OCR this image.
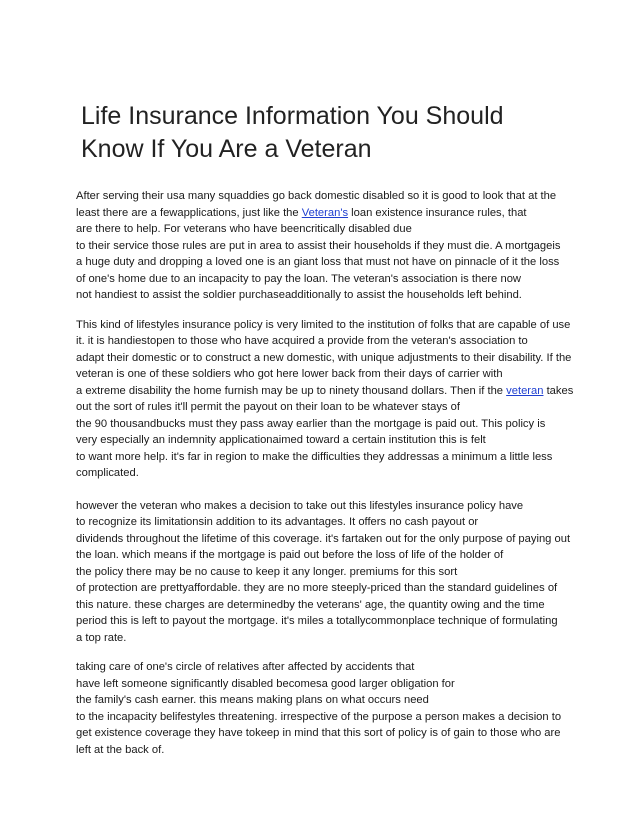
Life Insurance Information You Should
Know If You Are a Veteran

After serving their usa many squaddies go back domestic disabled so it is good to look that at the
least there are a fewapplications, just like the Veteran's loan existence insurance rules, that
are there to help. For veterans who have beencritically disabled due
to their service those rules are put in area to assist their households if they must die. A mortgageis
a huge duty and dropping a loved one is an giant loss that must not have on pinnacle of it the loss
of one's home due to an incapacity to pay the loan. The veteran's association is there now
not handiest to assist the soldier purchaseadditionally to assist the households left behind.

This kind of lifestyles insurance policy is very limited to the institution of folks that are capable of use
it. it is handiestopen to those who have acquired a provide from the veteran's association to
adapt their domestic or to construct a new domestic, with unique adjustments to their disability. If the
veteran is one of these soldiers who got here lower back from their days of carrier with
a extreme disability the home furnish may be up to ninety thousand dollars. Then if the veteran takes
out the sort of rules it'll permit the payout on their loan to be whatever stays of
the 90 thousandbucks must they pass away earlier than the mortgage is paid out. This policy is
very especially an indemnity applicationaimed toward a certain institution this is felt
to want more help. it's far in region to make the difficulties they addressas a minimum a little less
complicated.

however the veteran who makes a decision to take out this lifestyles insurance policy have
to recognize its limitationsin addition to its advantages. It offers no cash payout or
dividends throughout the lifetime of this coverage. it's fartaken out for the only purpose of paying out
the loan. which means if the mortgage is paid out before the loss of life of the holder of
the policy there may be no cause to keep it any longer. premiums for this sort
of protection are prettyaffordable. they are no more steeply-priced than the standard guidelines of
this nature. these charges are determinedby the veterans' age, the quantity owing and the time
period this is left to payout the mortgage. it's miles a totallycommonplace technique of formulating
a top rate.

taking care of one's circle of relatives after affected by accidents that
have left someone significantly disabled becomesa good larger obligation for
the family's cash earner. this means making plans on what occurs need
to the incapacity belifestyles threatening. irrespective of the purpose a person makes a decision to
get existence coverage they have tokeep in mind that this sort of policy is of gain to those who are
left at the back of.
